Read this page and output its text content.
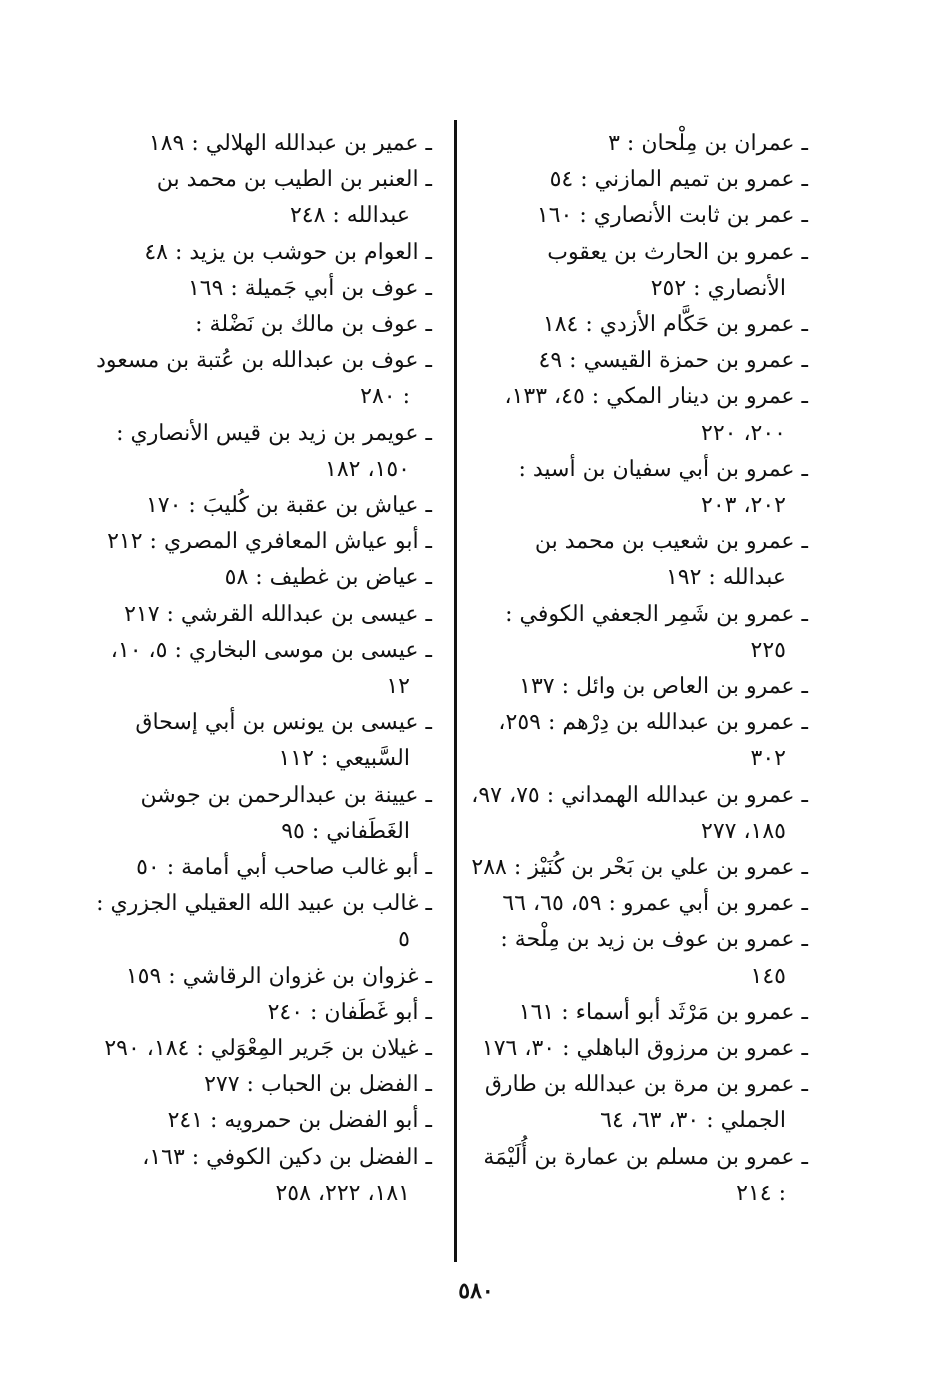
ـ عمران بن مِلْحان : ٣

ـ عمرو بن تميم المازني : ٥٤

ـ عمر بن ثابت الأنصاري : ١٦٠

ـ عمرو بن الحارث بن يعقوب الأنصاري : ٢٥٢

ـ عمرو بن حَكَّام الأزدي : ١٨٤

ـ عمرو بن حمزة القيسي : ٤٩

ـ عمرو بن دينار المكي : ٤٥، ١٣٣، ٢٠٠، ٢٢٠

ـ عمرو بن أبي سفيان بن أسيد : ٢٠٢، ٢٠٣

ـ عمرو بن شعيب بن محمد بن عبدالله : ١٩٢

ـ عمرو بن شَمِر الجعفي الكوفي : ٢٢٥

ـ عمرو بن العاص بن وائل : ١٣٧

ـ عمرو بن عبدالله بن دِرْهم : ٢٥٩، ٣٠٢

ـ عمرو بن عبدالله الهمداني : ٧٥، ٩٧، ١٨٥، ٢٧٧

ـ عمرو بن علي بن بَحْر بن كُنَيْز : ٢٨٨

ـ عمرو بن أبي عمرو : ٥٩، ٦٥، ٦٦

ـ عمرو بن عوف بن زيد بن مِلْحة : ١٤٥

ـ عمرو بن مَرْثَد أبو أسماء : ١٦١

ـ عمرو بن مرزوق الباهلي : ٣٠، ١٧٦

ـ عمرو بن مرة بن عبدالله بن طارق الجملي : ٣٠، ٦٣، ٦٤

ـ عمرو بن مسلم بن عمارة بن أُلَيْمَة : ٢١٤

ـ عمير بن عبدالله الهلالي : ١٨٩

ـ العنبر بن الطيب بن محمد بن عبدالله : ٢٤٨

ـ العوام بن حوشب بن يزيد : ٤٨

ـ عوف بن أبي جَميلة : ١٦٩

ـ عوف بن مالك بن نَضْلة :

ـ عوف بن عبدالله بن عُتبة بن مسعود : ٢٨٠

ـ عويمر بن زيد بن قيس الأنصاري : ١٥٠، ١٨٢

ـ عياش بن عقبة بن كُليبَ : ١٧٠

ـ أبو عياش المعافري المصري : ٢١٢

ـ عياض بن غطيف : ٥٨

ـ عيسى بن عبدالله القرشي : ٢١٧

ـ عيسى بن موسى البخاري : ٥، ١٠، ١٢

ـ عيسى بن يونس بن أبي إسحاق السَّبيعي : ١١٢

ـ عيينة بن عبدالرحمن بن جوشن الغَطَفاني : ٩٥

ـ أبو غالب صاحب أبي أمامة : ٥٠

ـ غالب بن عبيد الله العقيلي الجزري : ٥

ـ غزوان بن غزوان الرقاشي : ١٥٩

ـ أبو غَطَفان : ٢٤٠

ـ غيلان بن جَرير المِعْوَلي : ١٨٤، ٢٩٠

ـ الفضل بن الحباب : ٢٧٧

ـ أبو الفضل بن حمرويه : ٢٤١

ـ الفضل بن دكين الكوفي : ١٦٣، ١٨١، ٢٢٢، ٢٥٨

٥٨٠
